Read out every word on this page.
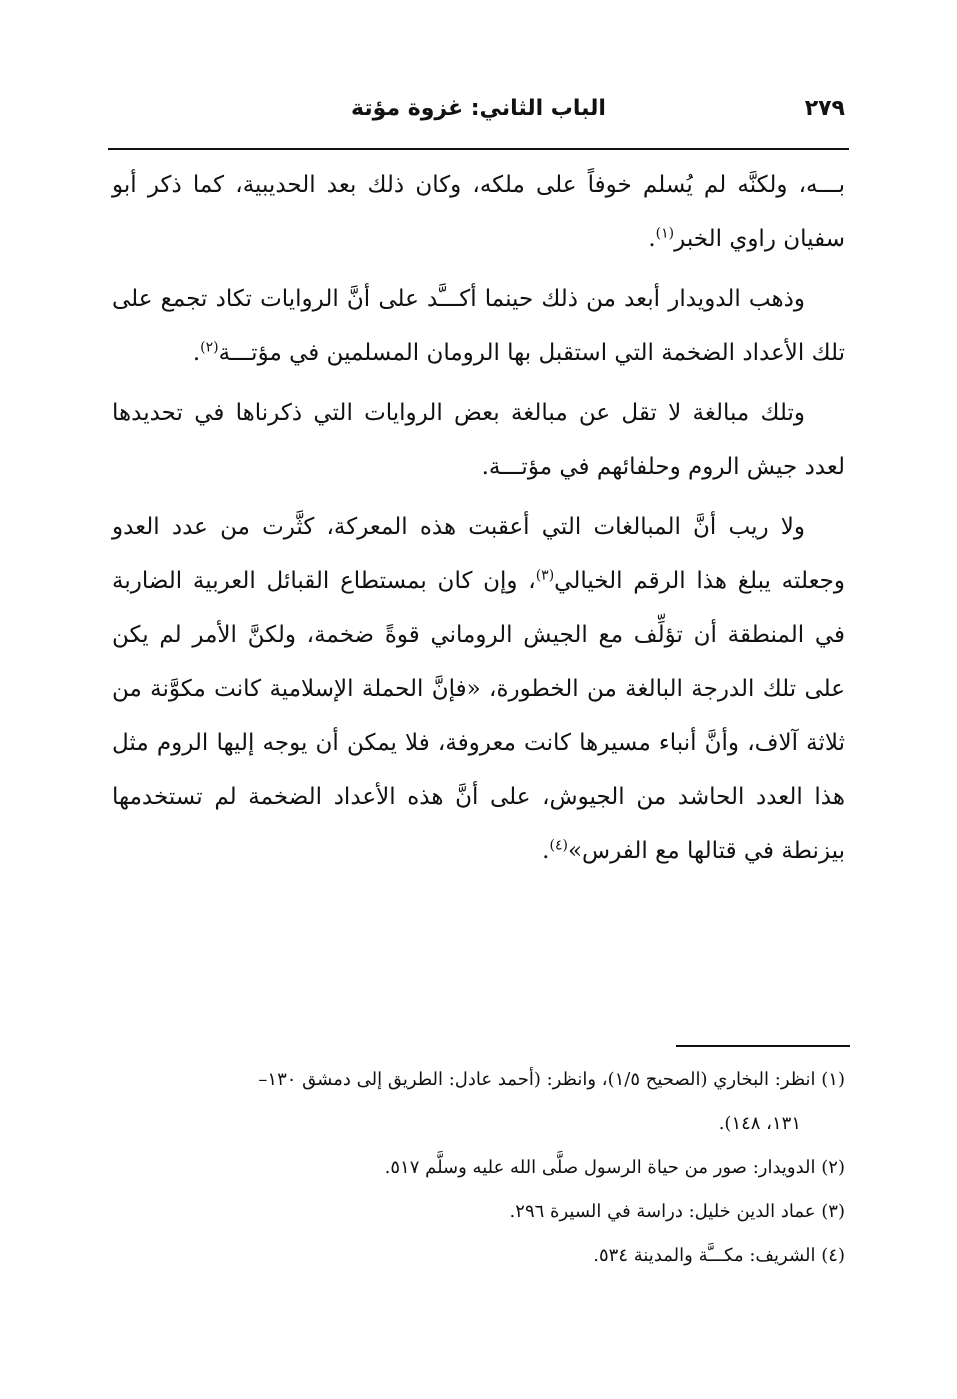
٢٧٩
الباب الثاني: غزوة مؤتة

بـــه، ولكنَّه لم يُسلم خوفاً على ملكه، وكان ذلك بعد الحديبية، كما ذكر أبو سفيان راوي الخبر$^{(١)}$.

وذهب الدويدار أبعد من ذلك حينما أكـــَّد على أنَّ الروايات تكاد تجمع على تلك الأعداد الضخمة التي استقبل بها الرومان المسلمين في مؤتـــة$^{(٢)}$.

وتلك مبالغة لا تقل عن مبالغة بعض الروايات التي ذكرناها في تحديدها لعدد جيش الروم وحلفائهم في مؤتـــة.

ولا ريب أنَّ المبالغات التي أعقبت هذه المعركة، كثَّرت من عدد العدو وجعلته يبلغ هذا الرقم الخيالي$^{(٣)}$، وإن كان بمستطاع القبائل العربية الضاربة في المنطقة أن تؤلِّف مع الجيش الروماني قوةً ضخمة، ولكنَّ الأمر لم يكن على تلك الدرجة البالغة من الخطورة، «فإنَّ الحملة الإسلامية كانت مكوَّنة من ثلاثة آلاف، وأنَّ أنباء مسيرها كانت معروفة، فلا يمكن أن يوجه إليها الروم مثل هذا العدد الحاشد من الجيوش، على أنَّ هذه الأعداد الضخمة لم تستخدمها بيزنطة في قتالها مع الفرس»$^{(٤)}$.

(١) انظر: البخاري (الصحيح ١/٥)، وانظر: (أحمد عادل: الطريق إلى دمشق ١٣٠–

١٣١، ١٤٨).

(٢) الدويدار: صور من حياة الرسول صلَّى الله عليه وسلَّم ٥١٧.

(٣) عماد الدين خليل: دراسة في السيرة ٢٩٦.

(٤) الشريف: مكـــَّة والمدينة ٥٣٤.
